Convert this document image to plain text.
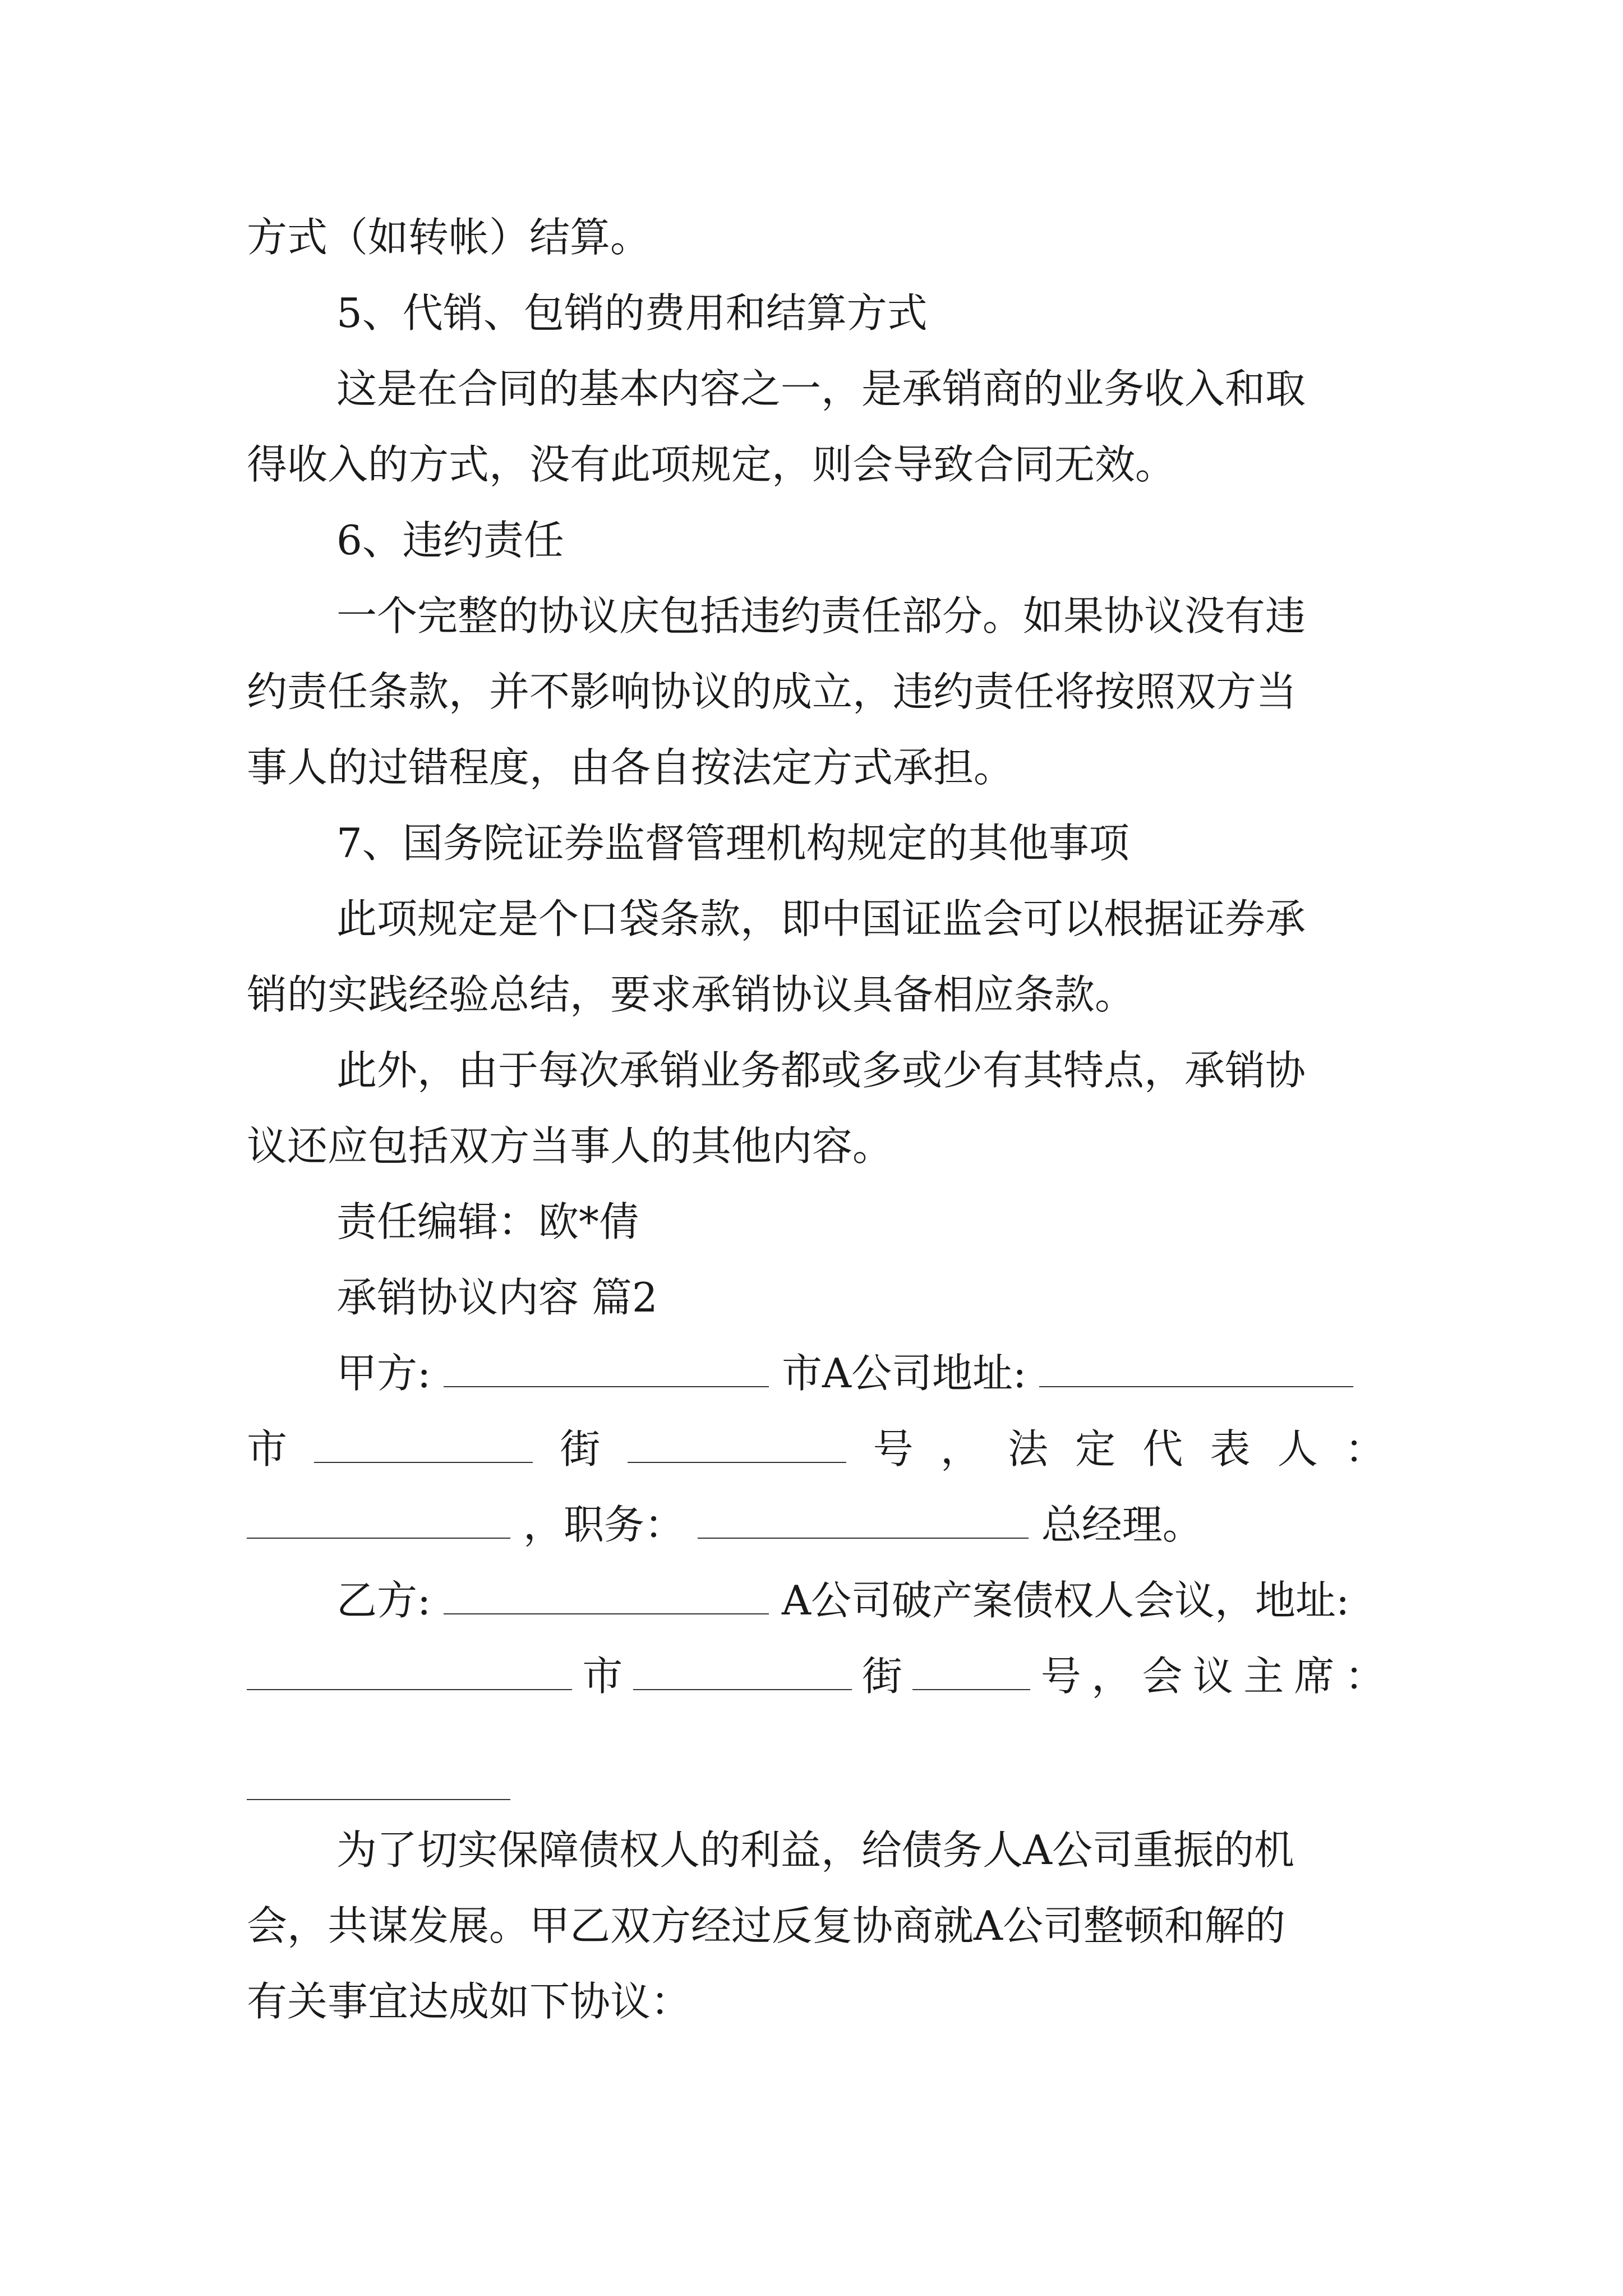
方式（如转帐）结算。

5、代销、包销的费用和结算方式

这是在合同的基本内容之一，是承销商的业务收入和取

得收入的方式，没有此项规定，则会导致合同无效。

6、违约责任

一个完整的协议庆包括违约责任部分。如果协议没有违

约责任条款，并不影响协议的成立，违约责任将按照双方当

事人的过错程度，由各自按法定方式承担。

7、国务院证券监督管理机构规定的其他事项

此项规定是个口袋条款，即中国证监会可以根据证券承

销的实践经验总结，要求承销协议具备相应条款。

此外，由于每次承销业务都或多或少有其特点，承销协

议还应包括双方当事人的其他内容。

责任编辑：欧*倩

承销协议内容 篇2

甲方:	市A公司地址:

市	街	号 ， 法 定 代 表 人 ：

，职务：	总经理。

乙方:	A公司破产案债权人会议，地址:

市	街	号 ， 会 议 主 席 ：

为了切实保障债权人的利益，给债务人A公司重振的机

会，共谋发展。甲乙双方经过反复协商就A公司整顿和解的

有关事宜达成如下协议：
